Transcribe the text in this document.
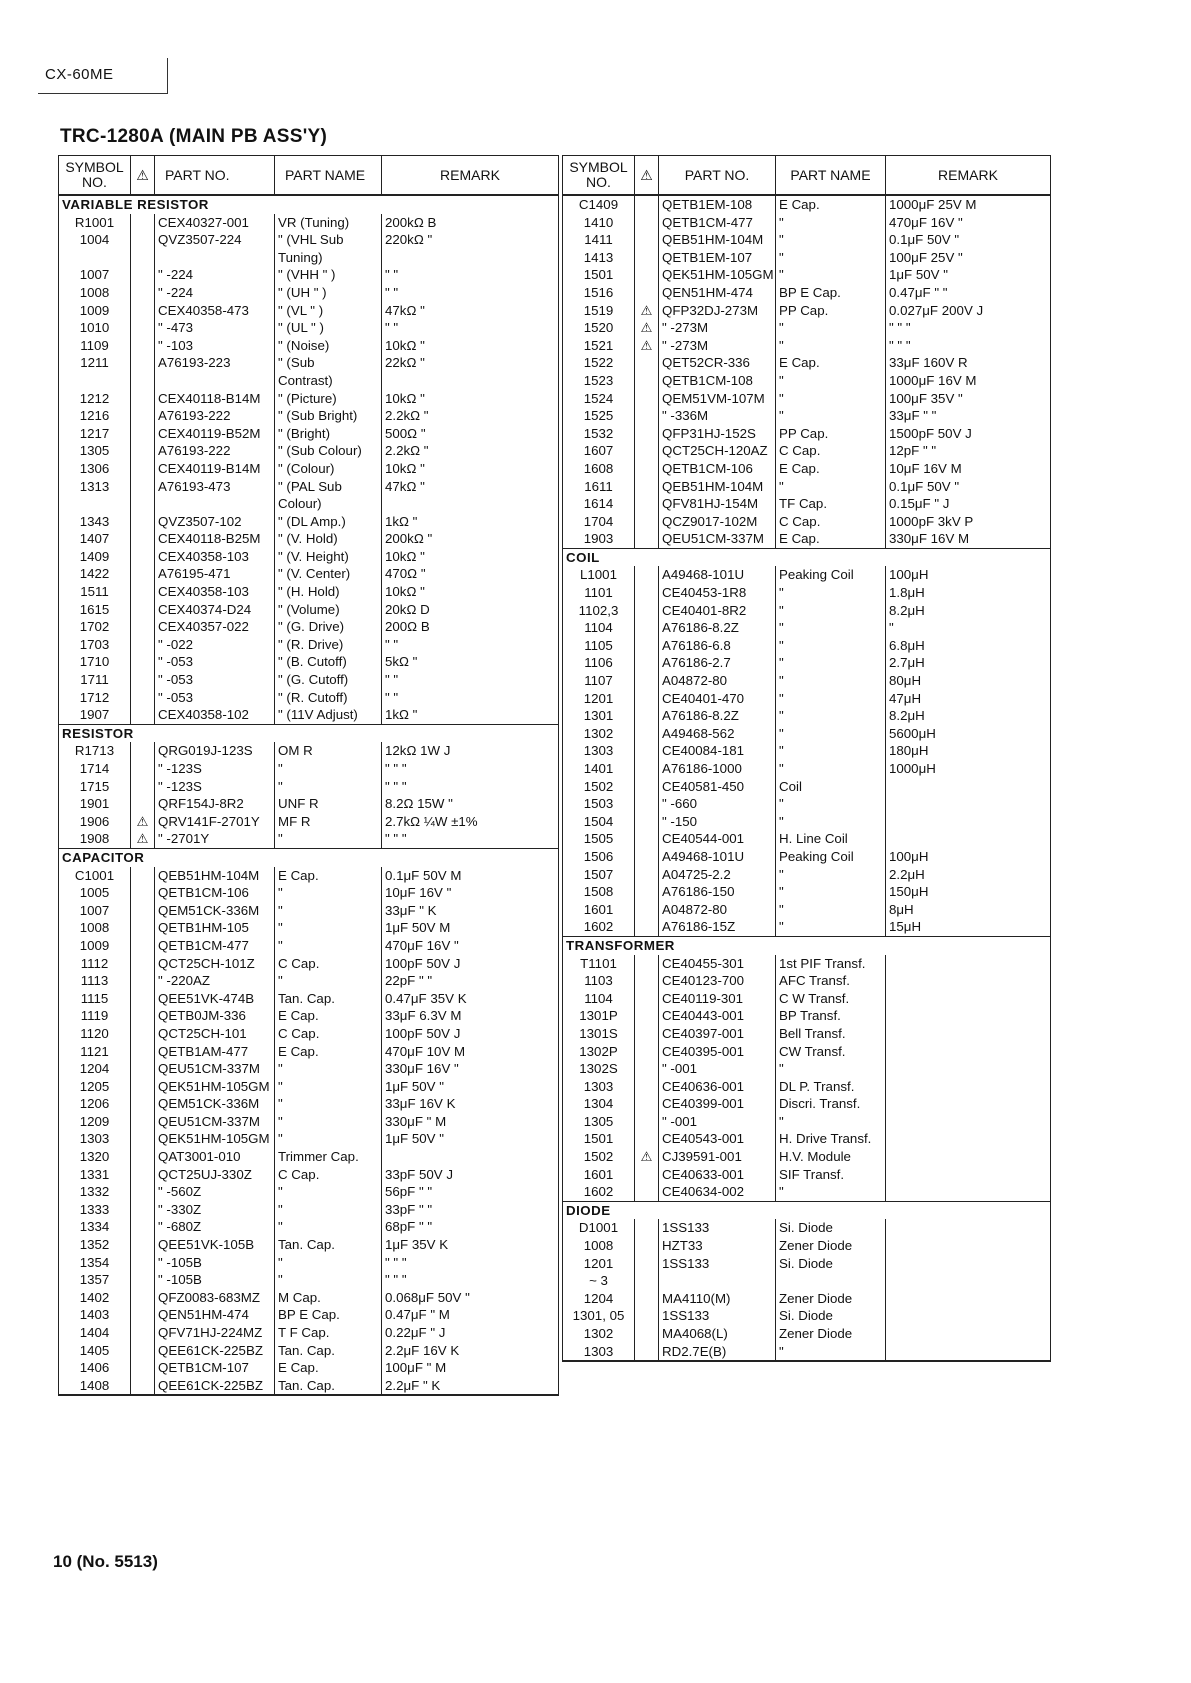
CX-60ME
TRC-1280A (MAIN PB ASS'Y)
SYMBOL NO.	⚠	PART NO.	PART NAME	REMARK
VARIABLE RESISTOR				
R1001		CEX40327-001	VR (Tuning)	200kΩ B
1004		QVZ3507-224	" (VHL Sub	220kΩ "
			Tuning)	
1007		" -224	" (VHH " )	" "
1008		" -224	" (UH " )	" "
1009		CEX40358-473	" (VL " )	47kΩ "
1010		" -473	" (UL " )	" "
1109		" -103	" (Noise)	10kΩ "
1211		A76193-223	" (Sub	22kΩ "
			Contrast)	
1212		CEX40118-B14M	" (Picture)	10kΩ "
1216		A76193-222	" (Sub Bright)	2.2kΩ "
1217		CEX40119-B52M	" (Bright)	500Ω "
1305		A76193-222	" (Sub Colour)	2.2kΩ "
1306		CEX40119-B14M	" (Colour)	10kΩ "
1313		A76193-473	" (PAL Sub	47kΩ "
			Colour)	
1343		QVZ3507-102	" (DL Amp.)	1kΩ "
1407		CEX40118-B25M	" (V. Hold)	200kΩ "
1409		CEX40358-103	" (V. Height)	10kΩ "
1422		A76195-471	" (V. Center)	470Ω "
1511		CEX40358-103	" (H. Hold)	10kΩ "
1615		CEX40374-D24	" (Volume)	20kΩ D
1702		CEX40357-022	" (G. Drive)	200Ω B
1703		" -022	" (R. Drive)	" "
1710		" -053	" (B. Cutoff)	5kΩ "
1711		" -053	" (G. Cutoff)	" "
1712		" -053	" (R. Cutoff)	" "
1907		CEX40358-102	" (11V Adjust)	1kΩ "

RESISTOR				
R1713		QRG019J-123S	OM R	12kΩ 1W J
1714		" -123S	"	" " "
1715		" -123S	"	" " "
1901		QRF154J-8R2	UNF R	8.2Ω 15W "
1906	⚠	QRV141F-2701Y	MF R	2.7kΩ ¼W ±1%
1908	⚠	" -2701Y	"	" " "

CAPACITOR				
C1001		QEB51HM-104M	E Cap.	0.1μF 50V M
1005		QETB1CM-106	"	10μF 16V "
1007		QEM51CK-336M	"	33μF " K
1008		QETB1HM-105	"	1μF 50V M
1009		QETB1CM-477	"	470μF 16V "
1112		QCT25CH-101Z	C Cap.	100pF 50V J
1113		" -220AZ	"	22pF " "
1115		QEE51VK-474B	Tan. Cap.	0.47μF 35V K
1119		QETB0JM-336	E Cap.	33μF 6.3V M
1120		QCT25CH-101	C Cap.	100pF 50V J
1121		QETB1AM-477	E Cap.	470μF 10V M
1204		QEU51CM-337M	"	330μF 16V "
1205		QEK51HM-105GM	"	1μF 50V "
1206		QEM51CK-336M	"	33μF 16V K
1209		QEU51CM-337M	"	330μF " M
1303		QEK51HM-105GM	"	1μF 50V "
1320		QAT3001-010	Trimmer Cap.	
1331		QCT25UJ-330Z	C Cap.	33pF 50V J
1332		" -560Z	"	56pF " "
1333		" -330Z	"	33pF " "
1334		" -680Z	"	68pF " "
1352		QEE51VK-105B	Tan. Cap.	1μF 35V K
1354		" -105B	"	" " "
1357		" -105B	"	" " "
1402		QFZ0083-683MZ	M Cap.	0.068μF 50V "
1403		QEN51HM-474	BP E Cap.	0.47μF " M
1404		QFV71HJ-224MZ	T F Cap.	0.22μF " J
1405		QEE61CK-225BZ	Tan. Cap.	2.2μF 16V K
1406		QETB1CM-107	E Cap.	100μF " M
1408		QEE61CK-225BZ	Tan. Cap.	2.2μF " K
SYMBOL NO.	⚠	PART NO.	PART NAME	REMARK
C1409		QETB1EM-108	E Cap.	1000μF 25V M
1410		QETB1CM-477	"	470μF 16V "
1411		QEB51HM-104M	"	0.1μF 50V "
1413		QETB1EM-107	"	100μF 25V "
1501		QEK51HM-105GM	"	1μF 50V "
1516		QEN51HM-474	BP E Cap.	0.47μF " "
1519	⚠	QFP32DJ-273M	PP Cap.	0.027μF 200V J
1520	⚠	" -273M	"	" " "
1521	⚠	" -273M	"	" " "
1522		QET52CR-336	E Cap.	33μF 160V R
1523		QETB1CM-108	"	1000μF 16V M
1524		QEM51VM-107M	"	100μF 35V "
1525		" -336M	"	33μF " "
1532		QFP31HJ-152S	PP Cap.	1500pF 50V J
1607		QCT25CH-120AZ	C Cap.	12pF " "
1608		QETB1CM-106	E Cap.	10μF 16V M
1611		QEB51HM-104M	"	0.1μF 50V "
1614		QFV81HJ-154M	TF Cap.	0.15μF " J
1704		QCZ9017-102M	C Cap.	1000pF 3kV P
1903		QEU51CM-337M	E Cap.	330μF 16V M

COIL				
L1001		A49468-101U	Peaking Coil	100μH
1101		CE40453-1R8	"	1.8μH
1102,3		CE40401-8R2	"	8.2μH
1104		A76186-8.2Z	"	"
1105		A76186-6.8	"	6.8μH
1106		A76186-2.7	"	2.7μH
1107		A04872-80	"	80μH
1201		CE40401-470	"	47μH
1301		A76186-8.2Z	"	8.2μH
1302		A49468-562	"	5600μH
1303		CE40084-181	"	180μH
1401		A76186-1000	"	1000μH
1502		CE40581-450	Coil	
1503		" -660	"	
1504		" -150	"	
1505		CE40544-001	H. Line Coil	
1506		A49468-101U	Peaking Coil	100μH
1507		A04725-2.2	"	2.2μH
1508		A76186-150	"	150μH
1601		A04872-80	"	8μH
1602		A76186-15Z	"	15μH
TRANSFORMER				
T1101		CE40455-301	1st PIF Transf.	
1103		CE40123-700	AFC Transf.	
1104		CE40119-301	C W Transf.	
1301P		CE40443-001	BP Transf.	
1301S		CE40397-001	Bell Transf.	
1302P		CE40395-001	CW Transf.	
1302S		" -001	"	
1303		CE40636-001	DL P. Transf.	
1304		CE40399-001	Discri. Transf.	
1305		" -001	"	
1501		CE40543-001	H. Drive Transf.	
1502	⚠	CJ39591-001	H.V. Module	
1601		CE40633-001	SIF Transf.	
1602		CE40634-002	"	

DIODE				
D1001		1SS133	Si. Diode	
1008		HZT33	Zener Diode	
1201		1SS133	Si. Diode	
~ 3				
1204		MA4110(M)	Zener Diode	
1301, 05		1SS133	Si. Diode	
1302		MA4068(L)	Zener Diode	
1303		RD2.7E(B)	"	
10 (No. 5513)
